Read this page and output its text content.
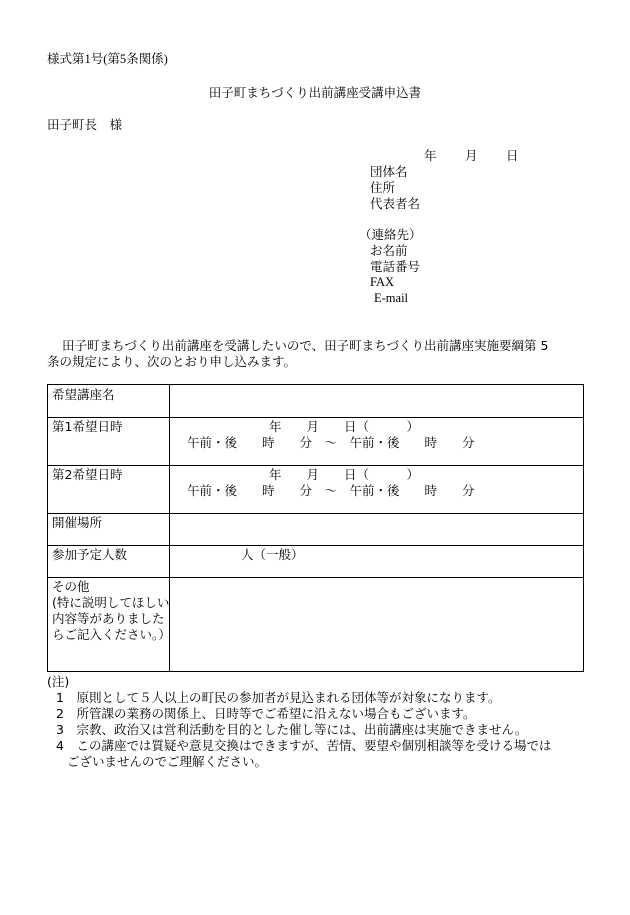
様式第1号(第5条関係)
田子町まちづくり出前講座受講申込書
田子町長　様
年 月 日
団体名
住所
代表者名
（連絡先）
お名前
電話番号
FAX
E-mail
田子町まちづくり出前講座を受講したいので、田子町まちづくり出前講座実施要綱第 5
条の規定により、次のとおり申し込みます。
希望講座名
第1希望日時	年　　月　　日（　　　）
午前・後　　時　　分　～　午前・後　　時　　分
第2希望日時	年　　月　　日（　　　）
午前・後　　時　　分　～　午前・後　　時　　分
開催場所
参加予定人数	人（一般）
その他
(特に説明してほしい内容等がありましたらご記入ください。）
(注)
1　原則として５人以上の町民の参加者が見込まれる団体等が対象になります。
2　所管課の業務の関係上、日時等でご希望に沿えない場合もございます。
3　宗教、政治又は営利活動を目的とした催し等には、出前講座は実施できません。
4　この講座では質疑や意見交換はできますが、苦情、要望や個別相談等を受ける場では
ございませんのでご理解ください。
